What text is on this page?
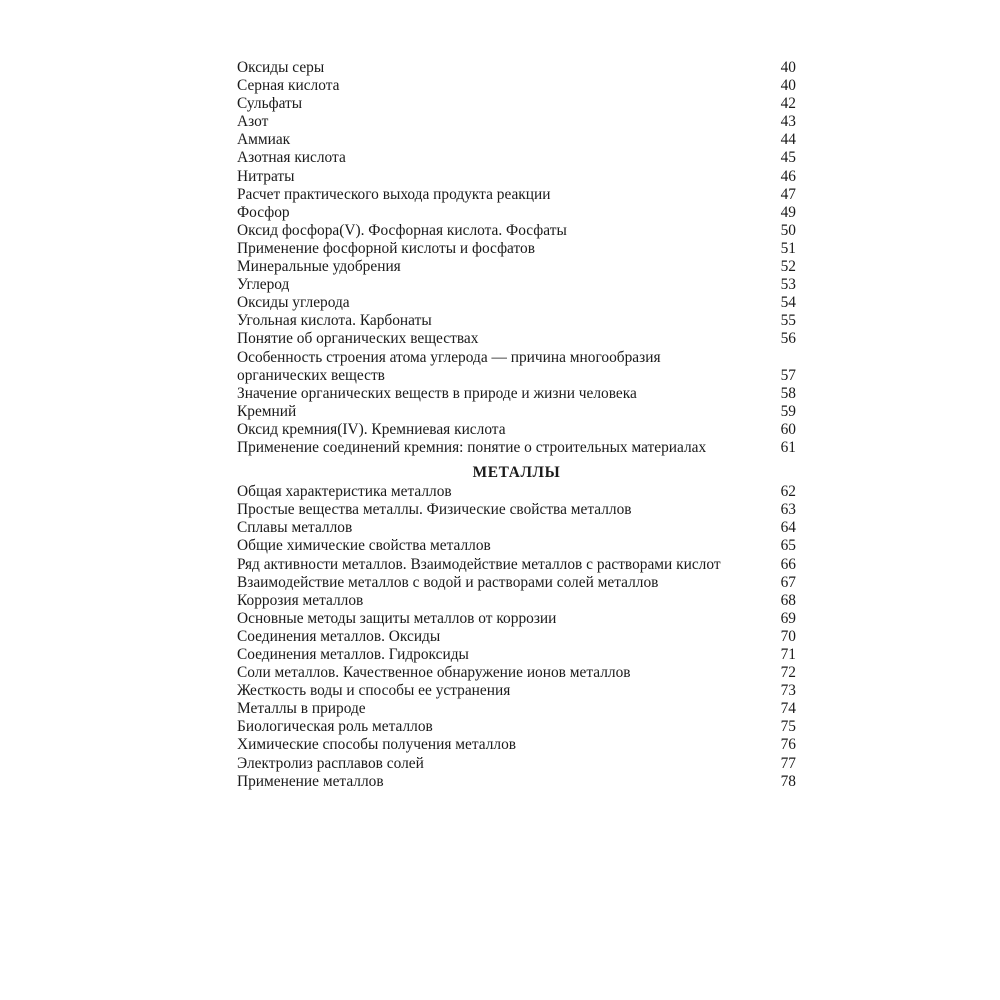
Оксиды серы	40
Серная кислота	40
Сульфаты	42
Азот	43
Аммиак	44
Азотная кислота	45
Нитраты	46
Расчет практического выхода продукта реакции	47
Фосфор	49
Оксид фосфора(V). Фосфорная кислота. Фосфаты	50
Применение фосфорной кислоты и фосфатов	51
Минеральные удобрения	52
Углерод	53
Оксиды углерода	54
Угольная кислота. Карбонаты	55
Понятие об органических веществах	56
Особенность строения атома углерода — причина многообразия
органических веществ	57
Значение органических веществ в природе и жизни человека	58
Кремний	59
Оксид кремния(IV). Кремниевая кислота	60
Применение соединений кремния: понятие о строительных материалах	61
МЕТАЛЛЫ
Общая характеристика металлов	62
Простые вещества металлы. Физические свойства металлов	63
Сплавы металлов	64
Общие химические свойства металлов	65
Ряд активности металлов. Взаимодействие металлов с растворами кислот	66
Взаимодействие металлов с водой и растворами солей металлов	67
Коррозия металлов	68
Основные методы защиты металлов от коррозии	69
Соединения металлов. Оксиды	70
Соединения металлов. Гидроксиды	71
Соли металлов. Качественное обнаружение ионов металлов	72
Жесткость воды и способы ее устранения	73
Металлы в природе	74
Биологическая роль металлов	75
Химические способы получения металлов	76
Электролиз расплавов солей	77
Применение металлов	78
